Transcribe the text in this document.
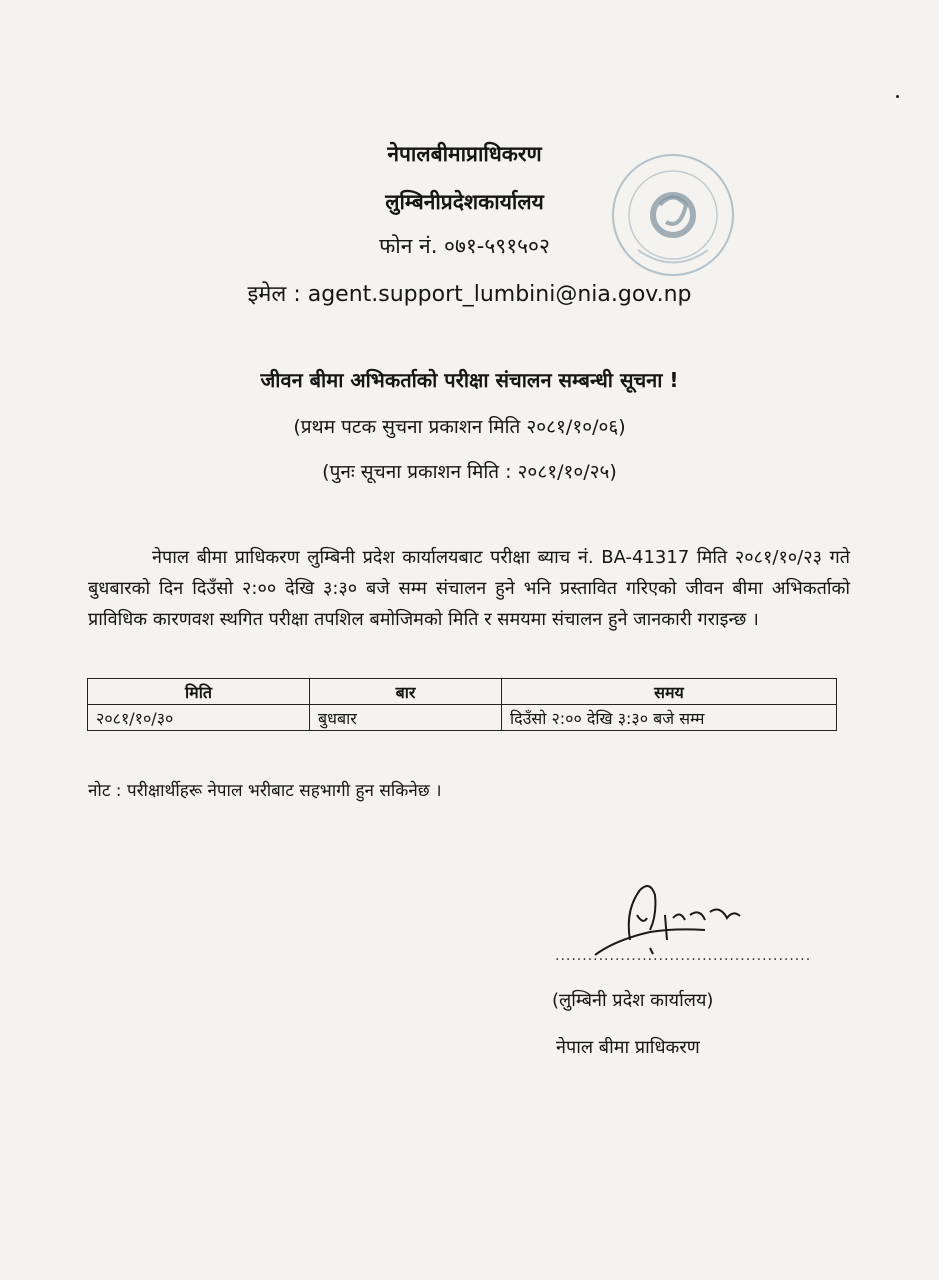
नेपालबीमाप्राधिकरण
लुम्बिनीप्रदेशकार्यालय
फोन नं. ०७१-५९१५०२
इमेल : agent.support_lumbini@nia.gov.np
जीवन बीमा अभिकर्ताको परीक्षा संचालन सम्बन्धी सूचना !
(प्रथम पटक सुचना प्रकाशन मिति २०८१/१०/०६)
(पुनः सूचना प्रकाशन मिति : २०८१/१०/२५)
नेपाल बीमा प्राधिकरण लुम्बिनी प्रदेश कार्यालयबाट परीक्षा ब्याच नं. BA-41317 मिति २०८१/१०/२३ गते बुधबारको दिन दिउँसो २:०० देखि ३:३० बजे सम्म संचालन हुने भनि प्रस्तावित गरिएको जीवन बीमा अभिकर्ताको प्राविधिक कारणवश स्थगित परीक्षा तपशिल बमोजिमको मिति र समयमा संचालन हुने जानकारी गराइन्छ ।
मिति	बार	समय
२०८१/१०/३०	बुधबार	दिउँसो २:०० देखि ३:३० बजे सम्म
नोट : परीक्षार्थीहरू नेपाल भरीबाट सहभागी हुन सकिनेछ ।
...............................................
(लुम्बिनी प्रदेश कार्यालय)
नेपाल बीमा प्राधिकरण
